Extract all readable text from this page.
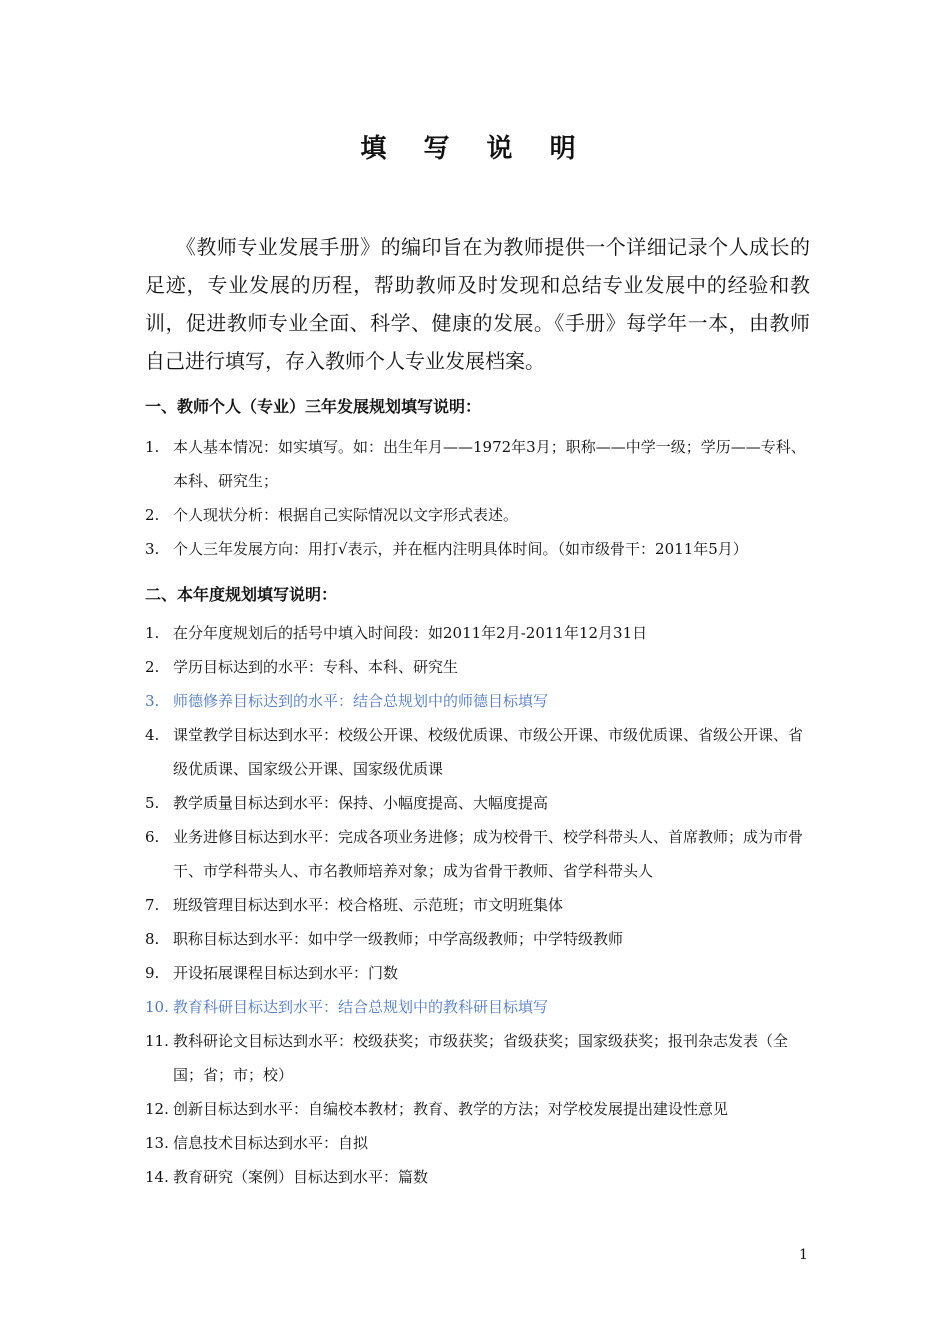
填 写 说 明

　　《教师专业发展手册》的编印旨在为教师提供一个详细记录个人成长的足迹，专业发展的历程，帮助教师及时发现和总结专业发展中的经验和教训，促进教师专业全面、科学、健康的发展。《手册》每学年一本，由教师自己进行填写，存入教师个人专业发展档案。

一、教师个人（专业）三年发展规划填写说明：

1. 本人基本情况：如实填写。如：出生年月——1972年3月；职称——中学一级；学历——专科、本科、研究生；
2. 个人现状分析：根据自己实际情况以文字形式表述。
3. 个人三年发展方向：用打√表示，并在框内注明具体时间。（如市级骨干：2011年5月）

二、本年度规划填写说明：

1. 在分年度规划后的括号中填入时间段：如2011年2月-2011年12月31日
2. 学历目标达到的水平：专科、本科、研究生
3. 师德修养目标达到的水平：结合总规划中的师德目标填写
4. 课堂教学目标达到水平：校级公开课、校级优质课、市级公开课、市级优质课、省级公开课、省级优质课、国家级公开课、国家级优质课
5. 教学质量目标达到水平：保持、小幅度提高、大幅度提高
6. 业务进修目标达到水平：完成各项业务进修；成为校骨干、校学科带头人、首席教师；成为市骨干、市学科带头人、市名教师培养对象；成为省骨干教师、省学科带头人
7. 班级管理目标达到水平：校合格班、示范班；市文明班集体
8. 职称目标达到水平：如中学一级教师；中学高级教师；中学特级教师
9. 开设拓展课程目标达到水平：门数
10. 教育科研目标达到水平：结合总规划中的教科研目标填写
11. 教科研论文目标达到水平：校级获奖；市级获奖；省级获奖；国家级获奖；报刊杂志发表（全国；省；市；校）
12. 创新目标达到水平：自编校本教材；教育、教学的方法；对学校发展提出建设性意见
13. 信息技术目标达到水平：自拟
14. 教育研究（案例）目标达到水平：篇数
1
